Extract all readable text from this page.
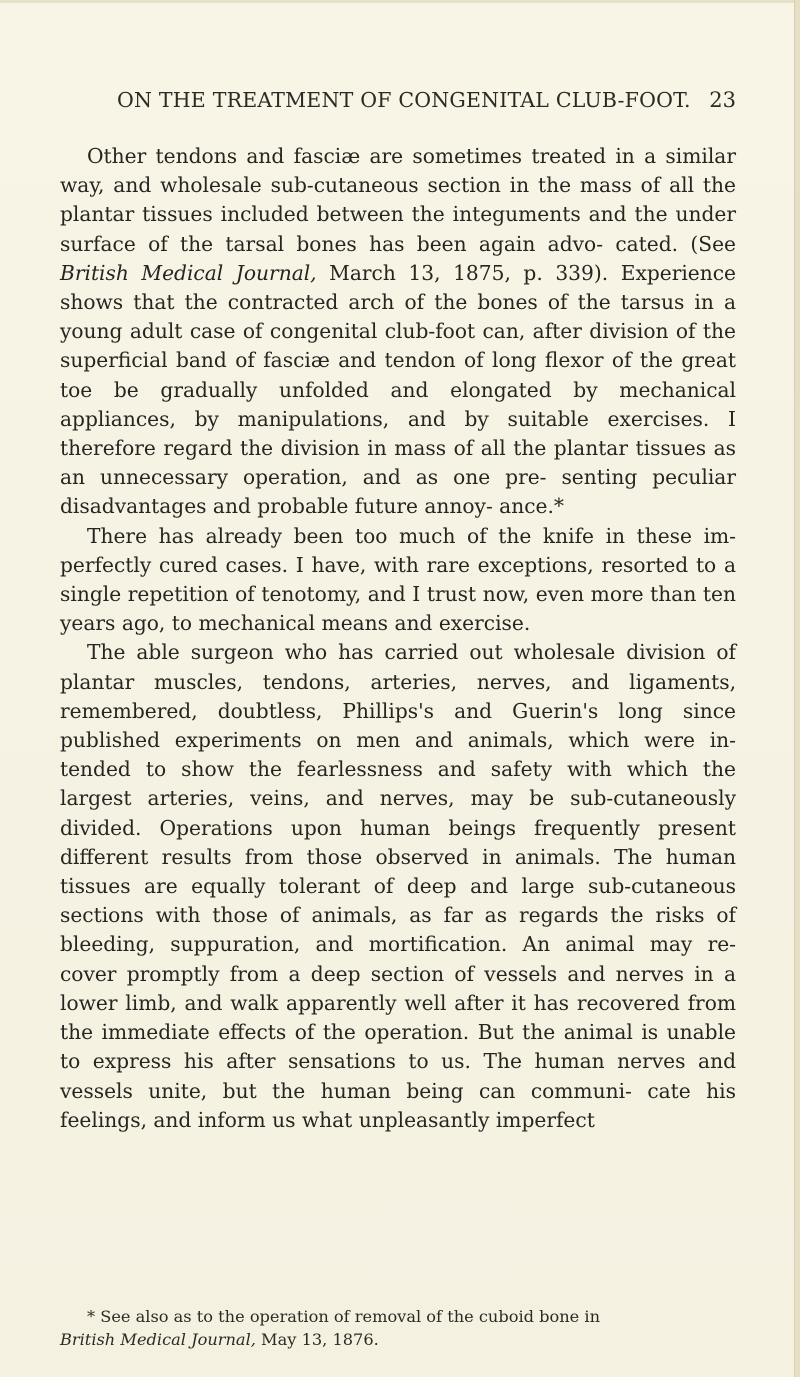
ON THE TREATMENT OF CONGENITAL CLUB-FOOT. 23

Other tendons and fasciæ are sometimes treated in a similar way, and wholesale sub-cutaneous section in the mass of all the plantar tissues included between the integuments and the under surface of the tarsal bones has been again advo- cated. (See British Medical Journal, March 13, 1875, p. 339). Experience shows that the contracted arch of the bones of the tarsus in a young adult case of congenital club-foot can, after division of the superficial band of fasciæ and tendon of long flexor of the great toe be gradually unfolded and elongated by mechanical appliances, by manipulations, and by suitable exercises. I therefore regard the division in mass of all the plantar tissues as an unnecessary operation, and as one pre- senting peculiar disadvantages and probable future annoy- ance.*

There has already been too much of the knife in these im- perfectly cured cases. I have, with rare exceptions, resorted to a single repetition of tenotomy, and I trust now, even more than ten years ago, to mechanical means and exercise.

The able surgeon who has carried out wholesale division of plantar muscles, tendons, arteries, nerves, and ligaments, remembered, doubtless, Phillips's and Guerin's long since published experiments on men and animals, which were in- tended to show the fearlessness and safety with which the largest arteries, veins, and nerves, may be sub-cutaneously divided. Operations upon human beings frequently present different results from those observed in animals. The human tissues are equally tolerant of deep and large sub-cutaneous sections with those of animals, as far as regards the risks of bleeding, suppuration, and mortification. An animal may re- cover promptly from a deep section of vessels and nerves in a lower limb, and walk apparently well after it has recovered from the immediate effects of the operation. But the animal is unable to express his after sensations to us. The human nerves and vessels unite, but the human being can communi- cate his feelings, and inform us what unpleasantly imperfect

* See also as to the operation of removal of the cuboid bone in
British Medical Journal, May 13, 1876.
